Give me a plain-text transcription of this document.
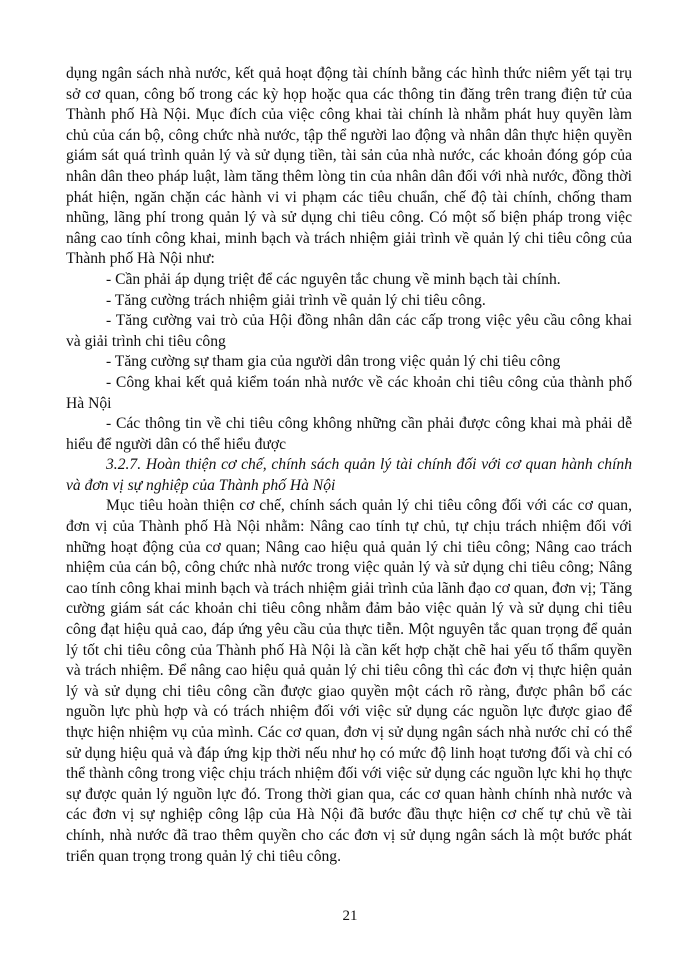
dụng ngân sách nhà nước, kết quả hoạt động tài chính bằng các hình thức niêm yết tại trụ sở cơ quan, công bố trong các kỳ họp hoặc qua các thông tin đăng trên trang điện tử của Thành phố Hà Nội. Mục đích của việc công khai tài chính là nhằm phát huy quyền làm chủ của cán bộ, công chức nhà nước, tập thể người lao động và nhân dân thực hiện quyền giám sát quá trình quản lý và sử dụng tiền, tài sản của nhà nước, các khoản đóng góp của nhân dân theo pháp luật, làm tăng thêm lòng tin của nhân dân đối với nhà nước, đồng thời phát hiện, ngăn chặn các hành vi vi phạm các tiêu chuẩn, chế độ tài chính, chống tham nhũng, lãng phí trong quản lý và sử dụng chi tiêu công. Có một số biện pháp trong việc nâng cao tính công khai, minh bạch và trách nhiệm giải trình về quản lý chi tiêu công của Thành phố Hà Nội như:

- Cần phải áp dụng triệt để các nguyên tắc chung về minh bạch tài chính.

- Tăng cường trách nhiệm giải trình về quản lý chi tiêu công.

- Tăng cường vai trò của Hội đồng nhân dân các cấp trong việc yêu cầu công khai và giải trình chi tiêu công

- Tăng cường sự tham gia của người dân trong việc quản lý chi tiêu công

- Công khai kết quả kiểm toán nhà nước về các khoản chi tiêu công của thành phố Hà Nội

- Các thông tin về chi tiêu công không những cần phải được công khai mà phải dễ hiểu để người dân có thể hiểu được

3.2.7. Hoàn thiện cơ chế, chính sách quản lý tài chính đối với cơ quan hành chính và đơn vị sự nghiệp của Thành phố Hà Nội

Mục tiêu hoàn thiện cơ chế, chính sách quản lý chi tiêu công đối với các cơ quan, đơn vị của Thành phố Hà Nội nhằm: Nâng cao tính tự chủ, tự chịu trách nhiệm đối với những hoạt động của cơ quan; Nâng cao hiệu quả quản lý chi tiêu công; Nâng cao trách nhiệm của cán bộ, công chức nhà nước trong việc quản lý và sử dụng chi tiêu công; Nâng cao tính công khai minh bạch và trách nhiệm giải trình của lãnh đạo cơ quan, đơn vị; Tăng cường giám sát các khoản chi tiêu công nhằm đảm bảo việc quản lý và sử dụng chi tiêu công đạt hiệu quả cao, đáp ứng yêu cầu của thực tiễn. Một nguyên tắc quan trọng để quản lý tốt chi tiêu công của Thành phố Hà Nội là cần kết hợp chặt chẽ hai yếu tố thẩm quyền và trách nhiệm. Để nâng cao hiệu quả quản lý chi tiêu công thì các đơn vị thực hiện quản lý và sử dụng chi tiêu công cần được giao quyền một cách rõ ràng, được phân bổ các nguồn lực phù hợp và có trách nhiệm đối với việc sử dụng các nguồn lực được giao để thực hiện nhiệm vụ của mình. Các cơ quan, đơn vị sử dụng ngân sách nhà nước chỉ có thể sử dụng hiệu quả và đáp ứng kịp thời nếu như họ có mức độ linh hoạt tương đối và chỉ có thể thành công trong việc chịu trách nhiệm đối với việc sử dụng các nguồn lực khi họ thực sự được quản lý nguồn lực đó. Trong thời gian qua, các cơ quan hành chính nhà nước và các đơn vị sự nghiệp công lập của Hà Nội đã bước đầu thực hiện cơ chế tự chủ về tài chính, nhà nước đã trao thêm quyền cho các đơn vị sử dụng ngân sách là một bước phát triển quan trọng trong quản lý chi tiêu công.

21
